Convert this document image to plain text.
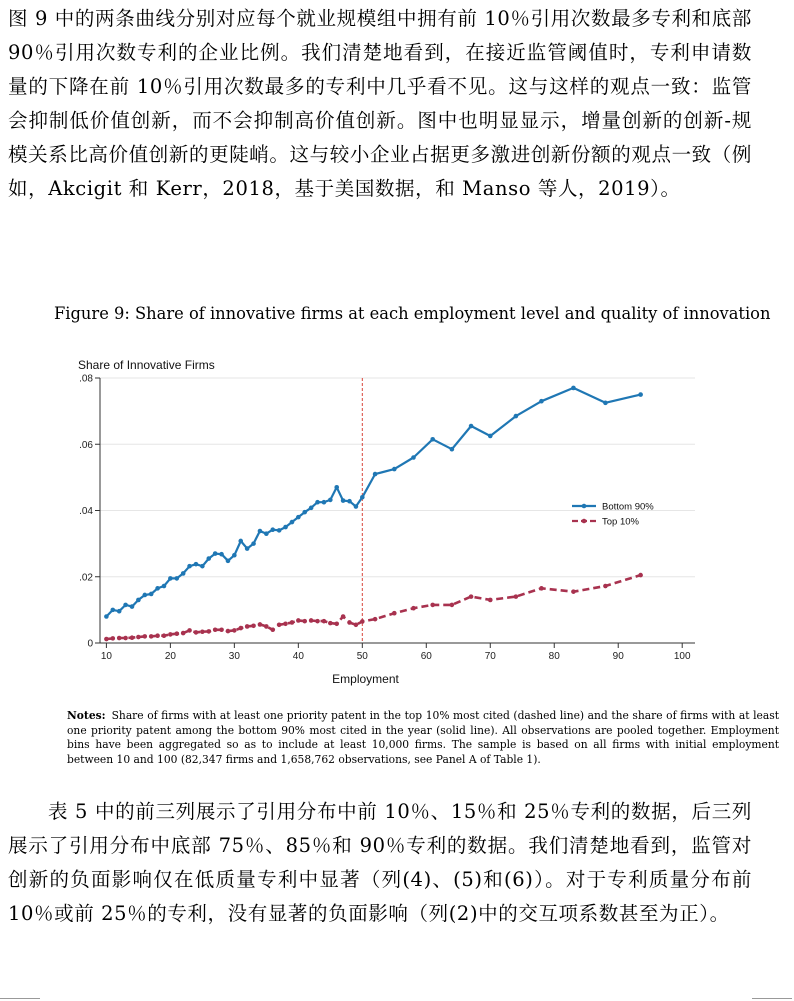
图 9 中的两条曲线分别对应每个就业规模组中拥有前 10％引用次数最多专利和底部 90％引用次数专利的企业比例。我们清楚地看到，在接近监管阈值时，专利申请数量的下降在前 10％引用次数最多的专利中几乎看不见。这与这样的观点一致：监管会抑制低价值创新，而不会抑制高价值创新。图中也明显显示，增量创新的创新-规模关系比高价值创新的更陡峭。这与较小企业占据更多激进创新份额的观点一致（例如，Akcigit 和 Kerr，2018，基于美国数据，和 Manso 等人，2019）。

Figure 9: Share of innovative firms at each employment level and quality of innovation
0
.02
.04
.06
.08
10	20	30	40	50	60	70	80	90	100
Share of Innovative Firms
Employment
Bottom 90%
Top 10%

Notes: Share of firms with at least one priority patent in the top 10% most cited (dashed line) and the share of firms with at least one priority patent among the bottom 90% most cited in the year (solid line). All observations are pooled together. Employment bins have been aggregated so as to include at least 10,000 firms. The sample is based on all firms with initial employment between 10 and 100 (82,347 firms and 1,658,762 observations, see Panel A of Table 1).

表 5 中的前三列展示了引用分布中前 10％、15％和 25％专利的数据，后三列展示了引用分布中底部 75％、85％和 90％专利的数据。我们清楚地看到，监管对创新的负面影响仅在低质量专利中显著（列(4)、(5)和(6)）。对于专利质量分布前 10％或前 25％的专利，没有显著的负面影响（列(2)中的交互项系数甚至为正）。
